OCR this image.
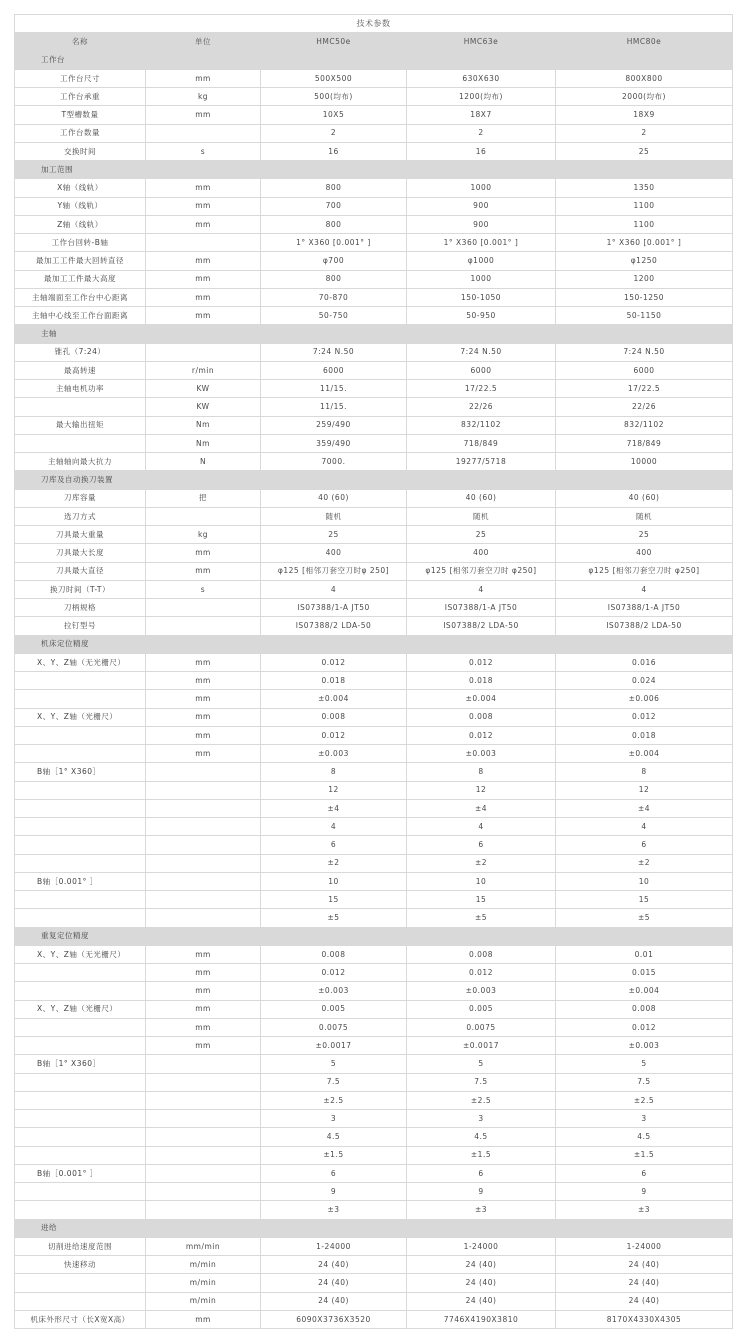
技术参数				
名称	单位	HMC50e	HMC63e	HMC80e
工作台				
工作台尺寸	mm	500X500	630X630	800X800
工作台承重	kg	500(均布)	1200(均布)	2000(均布)
T型槽数量	mm	10X5	18X7	18X9
工作台数量		2	2	2
交换时间	s	16	16	25
加工范围				
X轴（线轨）	mm	800	1000	1350
Y轴（线轨）	mm	700	900	1100
Z轴（线轨）	mm	800	900	1100
工作台回转-B轴		1° X360 [0.001° ]	1° X360 [0.001° ]	1° X360 [0.001° ]
最加工工件最大回转直径	mm	φ700	φ1000	φ1250
最加工工件最大高度	mm	800	1000	1200
主轴端面至工作台中心距离	mm	70-870	150-1050	150-1250
主轴中心线至工作台面距离	mm	50-750	50-950	50-1150
主轴				
锥孔（7:24）		7:24 N.50	7:24 N.50	7:24 N.50
最高转速	r/min	6000	6000	6000
主轴电机功率	KW	11/15.	17/22.5	17/22.5
	KW	11/15.	22/26	22/26
最大输出扭矩	Nm	259/490	832/1102	832/1102
	Nm	359/490	718/849	718/849
主轴轴向最大抗力	N	7000.	19277/5718	10000
刀库及自动换刀装置				
刀库容量	把	40 (60)	40 (60)	40 (60)
选刀方式		随机	随机	随机
刀具最大重量	kg	25	25	25
刀具最大长度	mm	400	400	400
刀具最大直径	mm	φ125 [相邻刀套空刀时φ 250]	φ125 [相邻刀套空刀时 φ250]	φ125 [相邻刀套空刀时 φ250]
换刀时间（T-T）	s	4	4	4
刀柄规格		IS07388/1-A JT50	IS07388/1-A JT50	IS07388/1-A JT50
拉钉型号		IS07388/2 LDA-50	IS07388/2 LDA-50	IS07388/2 LDA-50
机床定位精度				
X、Y、Z轴（无光栅尺）	mm	0.012	0.012	0.016
	mm	0.018	0.018	0.024
	mm	±0.004	±0.004	±0.006
X、Y、Z轴（光栅尺）	mm	0.008	0.008	0.012
	mm	0.012	0.012	0.018
	mm	±0.003	±0.003	±0.004
B轴［1° X360］		8	8	8
		12	12	12
		±4	±4	±4
		4	4	4
		6	6	6
		±2	±2	±2
B轴［0.001° ］		10	10	10
		15	15	15
		±5	±5	±5
重复定位精度				
X、Y、Z轴（无光栅尺）	mm	0.008	0.008	0.01
	mm	0.012	0.012	0.015
	mm	±0.003	±0.003	±0.004
X、Y、Z轴（光栅尺）	mm	0.005	0.005	0.008
	mm	0.0075	0.0075	0.012
	mm	±0.0017	±0.0017	±0.003
B轴［1° X360］		5	5	5
		7.5	7.5	7.5
		±2.5	±2.5	±2.5
		3	3	3
		4.5	4.5	4.5
		±1.5	±1.5	±1.5
B轴［0.001° ］		6	6	6
		9	9	9
		±3	±3	±3
进给				
切削进给速度范围	mm/min	1-24000	1-24000	1-24000
快速移动	m/min	24 (40)	24 (40)	24 (40)
	m/min	24 (40)	24 (40)	24 (40)
	m/min	24 (40)	24 (40)	24 (40)
机床外形尺寸（长X宽X高）	mm	6090X3736X3520	7746X4190X3810	8170X4330X4305
